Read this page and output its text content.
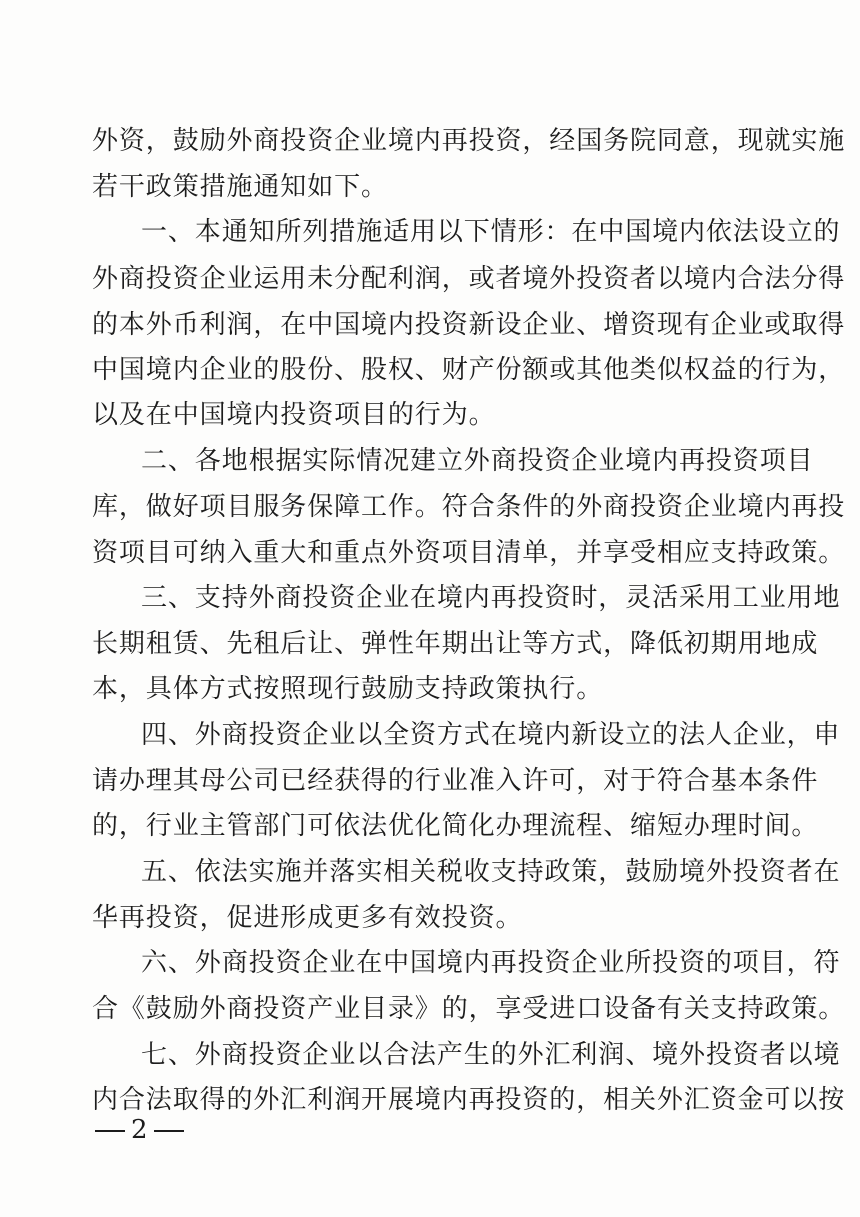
外资，鼓励外商投资企业境内再投资，经国务院同意，现就实施
若干政策措施通知如下。
一、本通知所列措施适用以下情形：在中国境内依法设立的
外商投资企业运用未分配利润，或者境外投资者以境内合法分得
的本外币利润，在中国境内投资新设企业、增资现有企业或取得
中国境内企业的股份、股权、财产份额或其他类似权益的行为，
以及在中国境内投资项目的行为。
二、各地根据实际情况建立外商投资企业境内再投资项目
库，做好项目服务保障工作。符合条件的外商投资企业境内再投
资项目可纳入重大和重点外资项目清单，并享受相应支持政策。
三、支持外商投资企业在境内再投资时，灵活采用工业用地
长期租赁、先租后让、弹性年期出让等方式，降低初期用地成
本，具体方式按照现行鼓励支持政策执行。
四、外商投资企业以全资方式在境内新设立的法人企业，申
请办理其母公司已经获得的行业准入许可，对于符合基本条件
的，行业主管部门可依法优化简化办理流程、缩短办理时间。
五、依法实施并落实相关税收支持政策，鼓励境外投资者在
华再投资，促进形成更多有效投资。
六、外商投资企业在中国境内再投资企业所投资的项目，符
合《鼓励外商投资产业目录》的，享受进口设备有关支持政策。
七、外商投资企业以合法产生的外汇利润、境外投资者以境
内合法取得的外汇利润开展境内再投资的，相关外汇资金可以按
2
